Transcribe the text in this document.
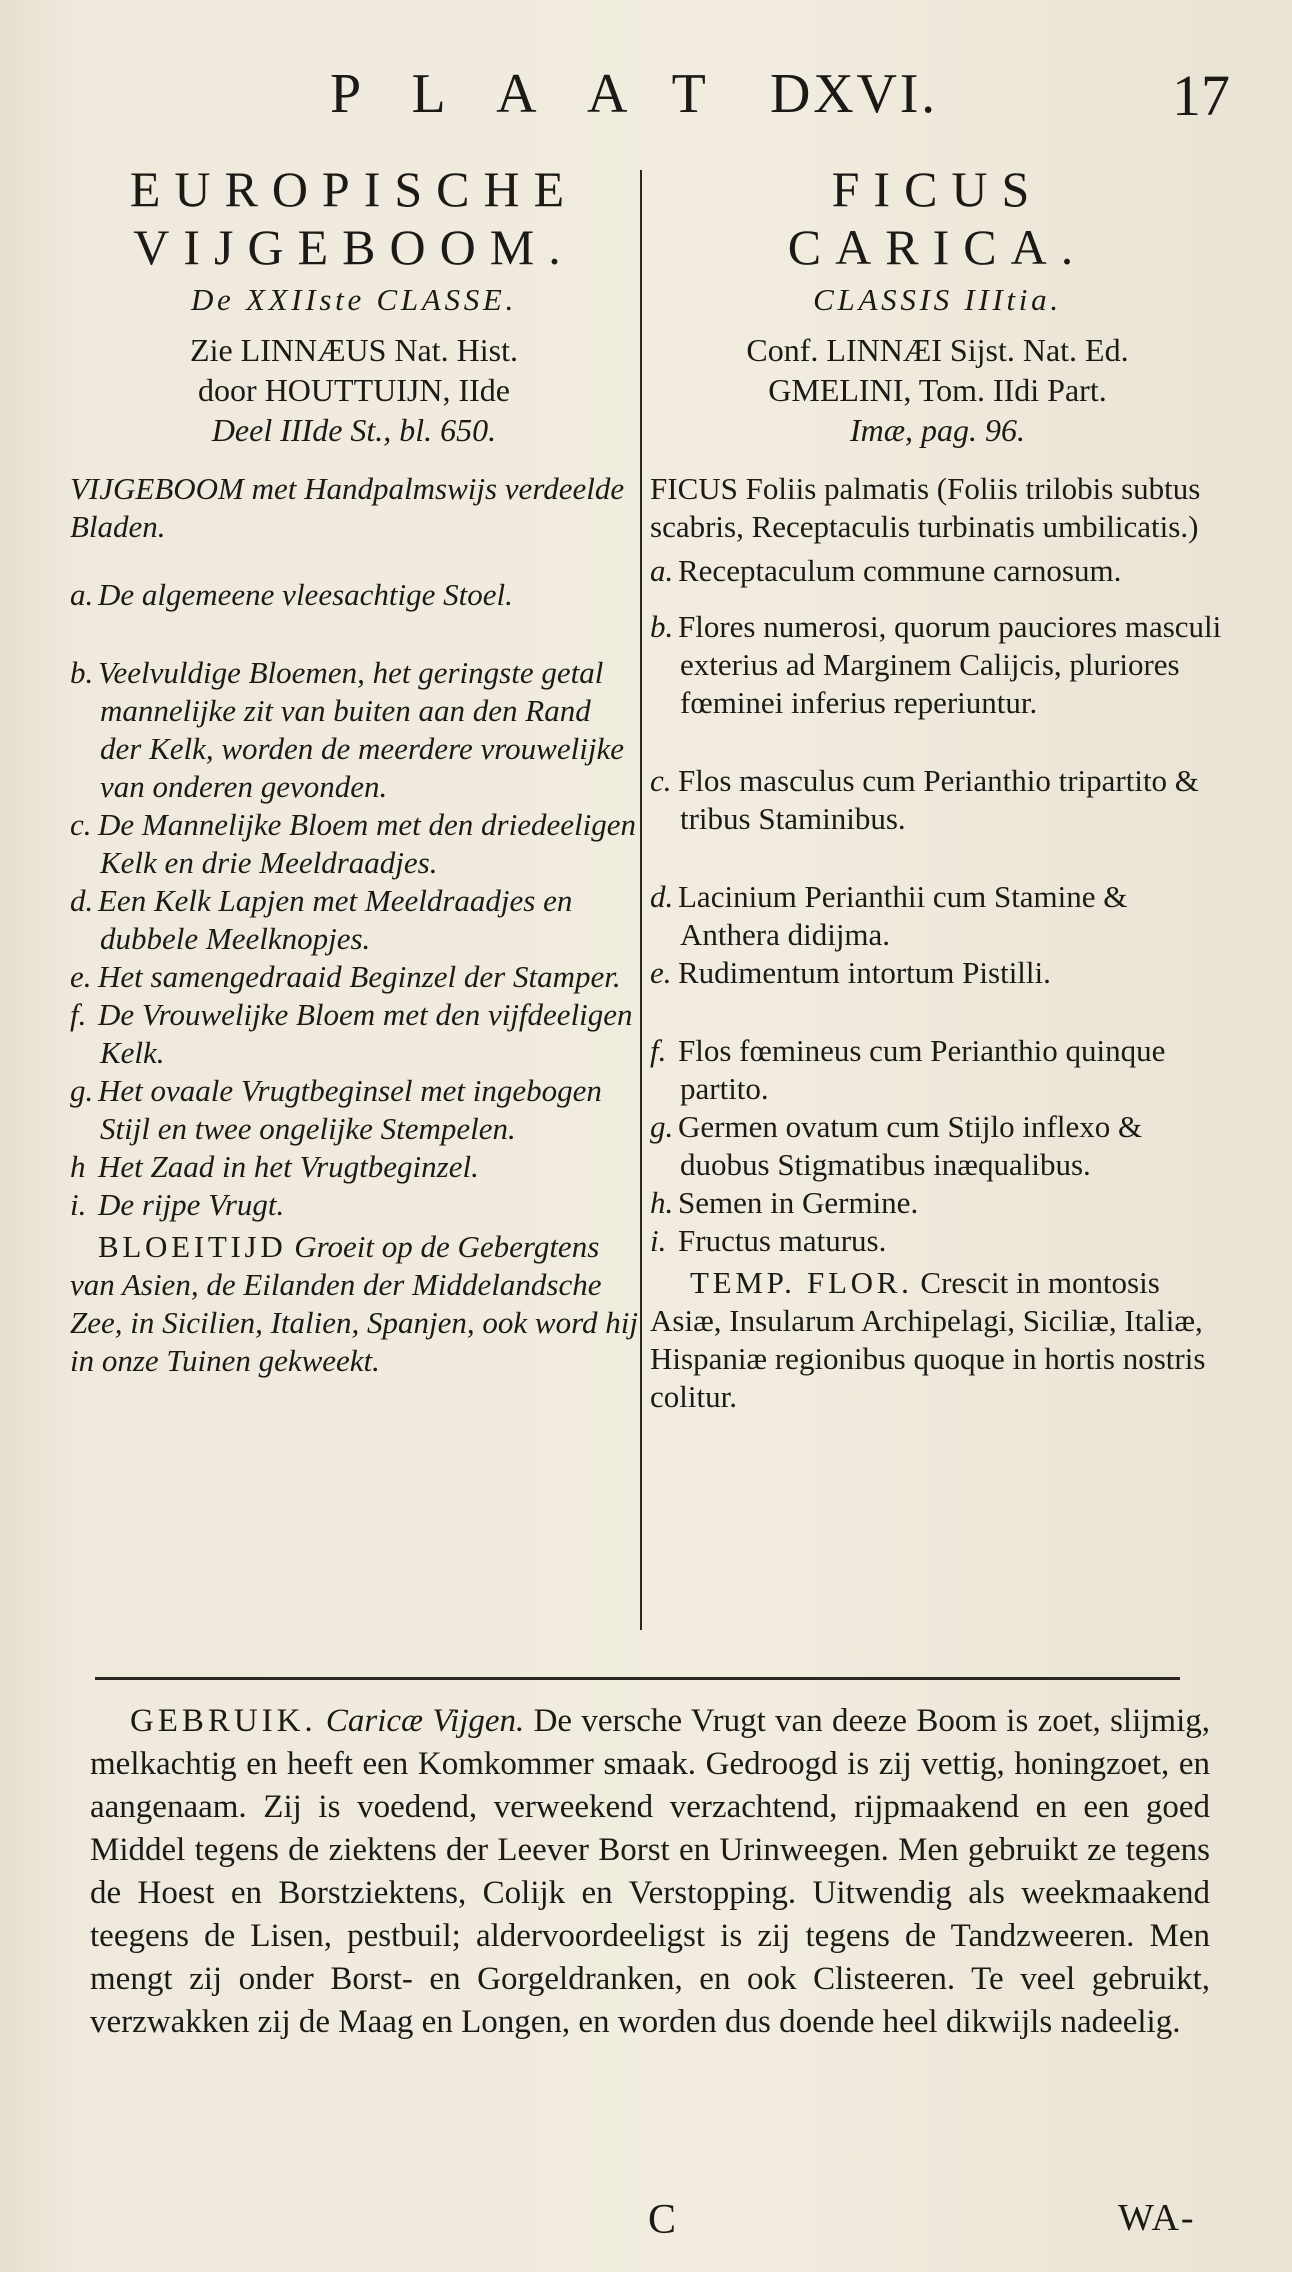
PLAAT DXVI.	17
EUROPISCHE
VIJGEBOOM.
De XXIIste CLASSE.
Zie LINNÆUS Nat. Hist.
door HOUTTUIJN, IIde
Deel IIIde St., bl. 650.

VIJGEBOOM met Handpalmswijs verdeelde Bladen.

a. De algemeene vleesachtige Stoel.
b. Veelvuldige Bloemen, het geringste getal mannelijke zit van buiten aan den Rand der Kelk, worden de meerdere vrouwelijke van onderen gevonden.
c. De Mannelijke Bloem met den driedeeligen Kelk en drie Meeldraadjes.
d. Een Kelk Lapjen met Meeldraadjes en dubbele Meelknopjes.
e. Het samengedraaid Beginzel der Stamper.
f. De Vrouwelijke Bloem met den vijfdeeligen Kelk.
g. Het ovaale Vrugtbeginsel met ingebogen Stijl en twee ongelijke Stempelen.
h Het Zaad in het Vrugtbeginzel.
i. De rijpe Vrugt.

BLOEITIJD Groeit op de Gebergtens van Asien, de Eilanden der Middelandsche Zee, in Sicilien, Italien, Spanjen, ook word hij in onze Tuinen gekweekt.

FICUS
CARICA.
CLASSIS IIItia.
Conf. LINNÆI Sijst. Nat. Ed.
GMELINI, Tom. IIdi Part.
Imæ, pag. 96.

FICUS Foliis palmatis (Foliis trilobis subtus scabris, Receptaculis turbinatis umbilicatis.)

a. Receptaculum commune carnosum.
b. Flores numerosi, quorum pauciores masculi exterius ad Marginem Calijcis, pluriores fœminei inferius reperiuntur.
c. Flos masculus cum Perianthio tripartito & tribus Staminibus.
d. Lacinium Perianthii cum Stamine & Anthera didijma.
e. Rudimentum intortum Pistilli.
f. Flos fœmineus cum Perianthio quinque partito.
g. Germen ovatum cum Stijlo inflexo & duobus Stigmatibus inæqualibus.
h. Semen in Germine.
i. Fructus maturus.

TEMP. FLOR. Crescit in montosis Asiæ, Insularum Archipelagi, Siciliæ, Italiæ, Hispaniæ regionibus quoque in hortis nostris colitur.

GEBRUIK. Caricæ Vijgen. De versche Vrugt van deeze Boom is zoet, slijmig, melkachtig en heeft een Komkommer smaak. Gedroogd is zij vettig, honingzoet, en aangenaam. Zij is voedend, verweekend verzachtend, rijpmaakend en een goed Middel tegens de ziektens der Leever Borst en Urinweegen. Men gebruikt ze tegens de Hoest en Borstziektens, Colijk en Verstopping. Uitwendig als weekmaakend teegens de Lisen, pestbuil; aldervoordeeligst is zij tegens de Tandzweeren. Men mengt zij onder Borst- en Gorgeldranken, en ook Clisteeren. Te veel gebruikt, verzwakken zij de Maag en Longen, en worden dus doende heel dikwijls nadeelig.

C	WA-
